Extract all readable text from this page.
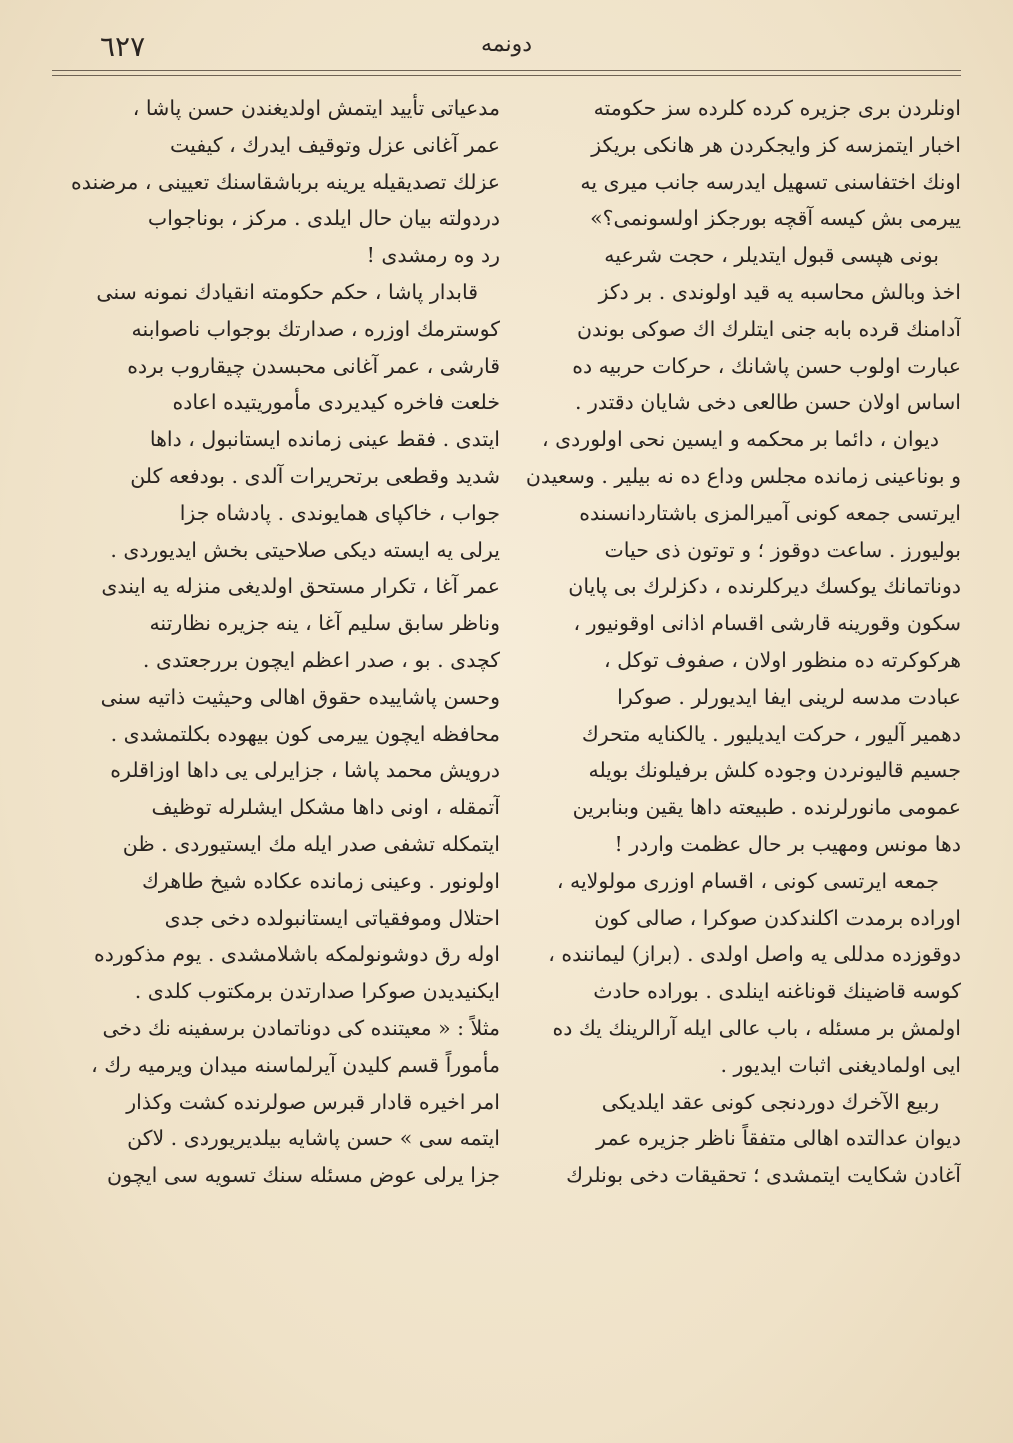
دونمه
٦٢٧

اونلردن بری جزیره کرده کلرده سز حکومته

اخبار ایتمزسه کز وایجکردن هر هانکی بریکز

اونك اختفاسنی تسهیل ایدرسه جانب میری یه

ییرمی بش کیسه آقچه بورجکز اولسونمی؟»

بونی هپسی قبول ایتدیلر ، حجت شرعیه

اخذ وبالش محاسبه یه قید اولوندی . بر دکز

آدامنك قرده بابه جنی ایتلرك اك صوکی بوندن

عبارت اولوب حسن پاشانك ، حرکات حربیه ده

اساس اولان حسن طالعی دخی شایان دقتدر .

دیوان ، دائما بر محکمه و ایسین نحی اولوردی ،

و بوناعینی زمانده مجلس وداع ده نه بیلیر . وسعیدن

ایرتسی جمعه کونی آمیرالمزی باشتاردانسنده

بولیورز . ساعت دوقوز ؛ و توتون ذی حیات

دوناتمانك یوکسك دیرکلرنده ، دکزلرك بی پایان

سکون وقورینه قارشی اقسام اذانی اوقونیور ،

هرکوکرته ده منظور اولان ، صفوف توکل ،

عبادت مدسه لرینی ایفا ایدیورلر . صوکرا

دهمیر آلیور ، حرکت ایدیلیور . یالکنایه متحرك

جسیم قالیونردن وجوده کلش برفیلونك بویله

عمومی مانورلرنده . طبیعته داها یقین وبنابرین

دها مونس ومهیب بر حال عظمت واردر !

جمعه ایرتسی کونی ، اقسام اوزری مولولایه ،

اوراده برمدت اکلندکدن صوکرا ، صالی کون

دوقوزده مدللی یه واصل اولدی . (براز) لیماننده ،

کوسه قاضینك قوناغنه اینلدی . بوراده حادث

اولمش بر مسئله ، باب عالی ایله آرالرینك یك ده

ایی اولمادیغنی اثبات ایدیور .

ربیع الآخرك دوردنجی کونی عقد ایلدیکی

دیوان عدالتده اهالی متفقاً ناظر جزیره عمر

آغادن شکایت ایتمشدی ؛ تحقیقات دخی بونلرك

مدعیاتی تأیید ایتمش اولدیغندن حسن پاشا ،

عمر آغانی عزل وتوقیف ایدرك ، کیفیت

عزلك تصدیقیله یرینه برباشقاسنك تعیینی ، مرضنده

دردولته بیان حال ایلدی . مرکز ، بوناجواب

رد وه رمشدی !

قابدار پاشا ، حکم حکومته انقیادك نمونه سنی

کوسترمك اوزره ، صدارتك بوجواب ناصوابنه

قارشی ، عمر آغانی محبسدن چیقاروب برده

خلعت فاخره کیدیردی مأموریتیده اعاده

ایتدی . فقط عینی زمانده ایستانبول ، داها

شدید وقطعی برتحریرات آلدی . بودفعه کلن

جواب ، خاکپای همایوندی . پادشاه جزا

یرلی یه ایسته دیکی صلاحیتی بخش ایدیوردی .

عمر آغا ، تکرار مستحق اولدیغی منزله یه ایندی

وناظر سابق سلیم آغا ، ینه جزیره نظارتنه

کچدی . بو ، صدر اعظم ایچون بررجعتدی .

وحسن پاشاییده حقوق اهالی وحیثیت ذاتیه سنی

محافظه ایچون ییرمی کون بیهوده بکلتمشدی .

درویش محمد پاشا ، جزایرلی یی داها اوزاقلره

آتمقله ، اونی داها مشکل ایشلرله توظیف

ایتمکله تشفی صدر ایله مك ایستیوردی . ظن

اولونور . وعینی زمانده عکاده شیخ طاهرك

احتلال وموفقیاتی ایستانبولده دخی جدی

اوله رق دوشونولمکه باشلامشدی . یوم مذکورده

ایکنیدیدن صوکرا صدارتدن برمکتوب کلدی .

مثلاً : « معیتنده کی دوناتمادن برسفینه نك دخی

مأموراً قسم کلیدن آیرلماسنه میدان ویرمیه رك ،

امر اخیره قادار قبرس صولرنده کشت وکذار

ایتمه سی » حسن پاشایه بیلدیریوردی . لاکن

جزا یرلی عوض مسئله سنك تسویه سی ایچون
